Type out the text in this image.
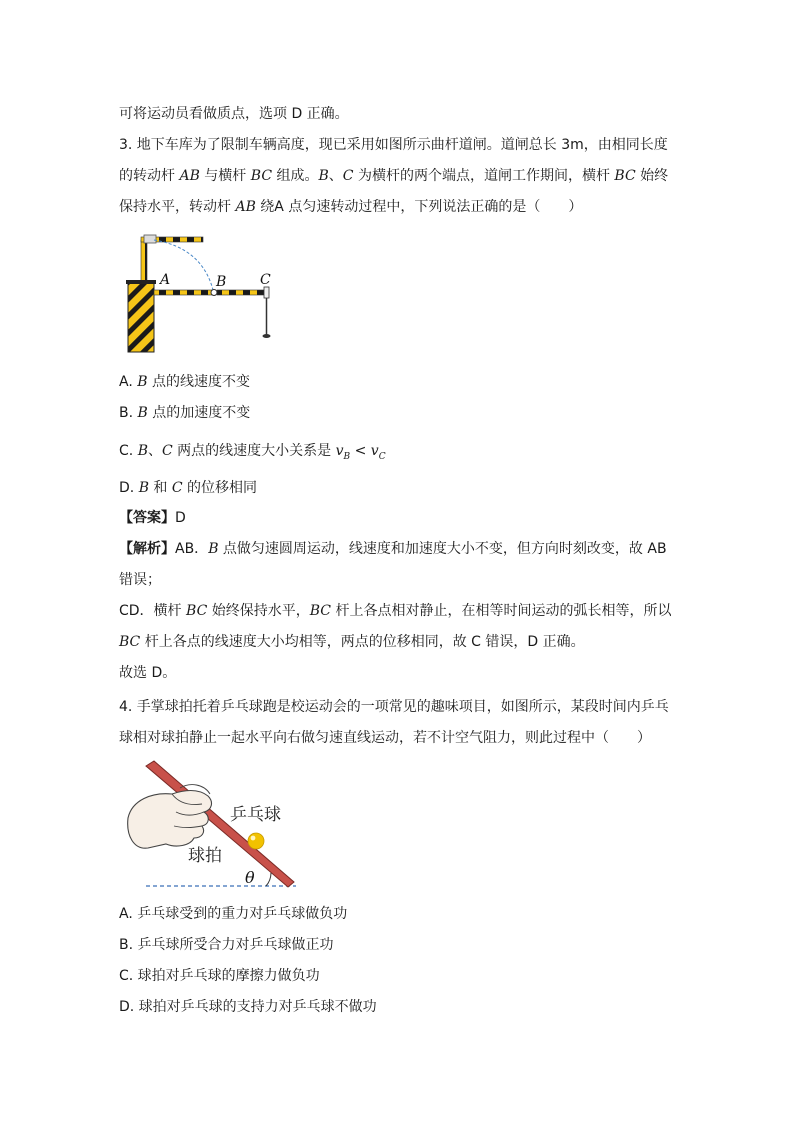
可将运动员看做质点，选项 D 正确。
3. 地下车库为了限制车辆高度，现已采用如图所示曲杆道闸。道闸总长 3m，由相同长度
的转动杆 AB 与横杆 BC 组成。B、C 为横杆的两个端点，道闸工作期间，横杆 BC 始终
保持水平，转动杆 AB 绕A 点匀速转动过程中，下列说法正确的是（　　）
A	B C
A. B 点的线速度不变
B. B 点的加速度不变
C. B、C 两点的线速度大小关系是 $v_B < v_C$
D. B 和 C 的位移相同
【答案】D
【解析】AB．B 点做匀速圆周运动，线速度和加速度大小不变，但方向时刻改变，故 AB
错误；
CD．横杆 BC 始终保持水平，BC 杆上各点相对静止，在相等时间运动的弧长相等，所以
BC 杆上各点的线速度大小均相等，两点的位移相同，故 C 错误，D 正确。
故选 D。
4. 手掌球拍托着乒乓球跑是校运动会的一项常见的趣味项目，如图所示，某段时间内乒乓
球相对球拍静止一起水平向右做匀速直线运动，若不计空气阻力，则此过程中（　　）
乒乓球
球拍
θ
A. 乒乓球受到的重力对乒乓球做负功
B. 乒乓球所受合力对乒乓球做正功
C. 球拍对乒乓球的摩擦力做负功
D. 球拍对乒乓球的支持力对乒乓球不做功
